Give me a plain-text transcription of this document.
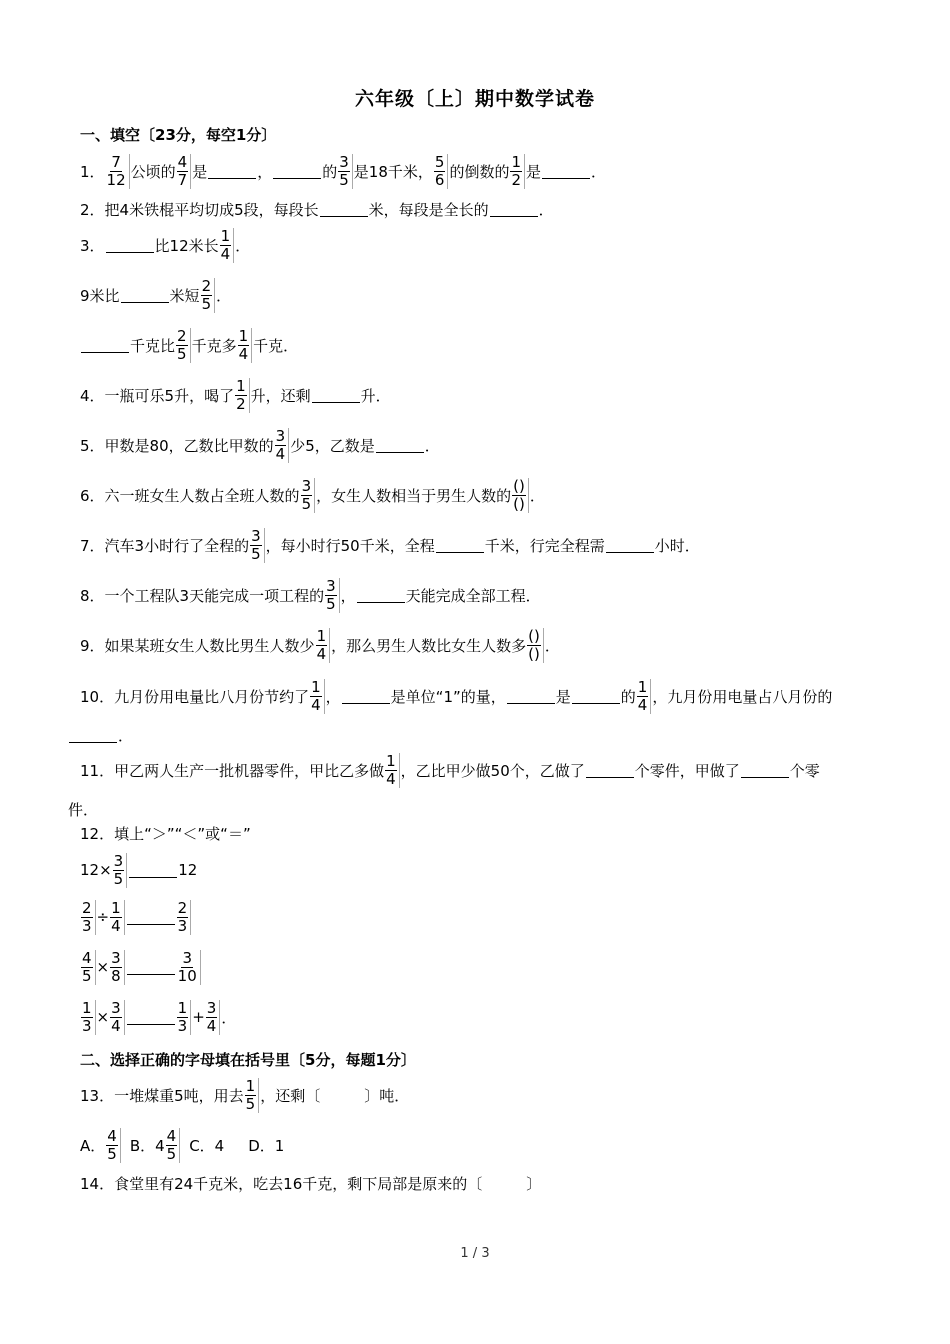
六年级〔上〕期中数学试卷
一、填空〔23分，每空1分〕
1． $\frac{7}{12}$ 公顷的 $\frac{4}{7}$ 是	，	的 $\frac{3}{5}$ 是18千米， $\frac{5}{6}$ 的倒数的 $\frac{1}{2}$ 是	．
2． 把4米铁棍平均切成5段，每段长	米，每段是全长的	．
3．	比12米长 $\frac{1}{4}$ ．
9米比	米短 $\frac{2}{5}$ ．
千克比 $\frac{2}{5}$ 千克多 $\frac{1}{4}$ 千克．
4． 一瓶可乐5升，喝了 $\frac{1}{2}$ 升，还剩	升．
5． 甲数是80，乙数比甲数的 $\frac{3}{4}$ 少5，乙数是	．
6． 六一班女生人数占全班人数的 $\frac{3}{5}$ ，女生人数相当于男生人数的 $\frac{()}{()}$ ．
7． 汽车3小时行了全程的 $\frac{3}{5}$ ，每小时行50千米，全程	千米，行完全程需	小时．
8． 一个工程队3天能完成一项工程的 $\frac{3}{5}$ ，	天能完成全部工程．
9． 如果某班女生人数比男生人数少 $\frac{1}{4}$ ，那么男生人数比女生人数多 $\frac{()}{()}$ ．
10． 九月份用电量比八月份节约了 $\frac{1}{4}$ ，	是单位“1”的量，	是	的 $\frac{1}{4}$ ，九月份用电量占八月份的
．
11． 甲乙两人生产一批机器零件，甲比乙多做 $\frac{1}{4}$ ，乙比甲少做50个，乙做了	个零件，甲做了	个零
件．
12． 填上“＞”“＜”或“＝”
$12\times \frac{3}{5}$	12
$\frac{2}{3} \div \frac{1}{4}$	$\frac{2}{3}$
$\frac{4}{5} \times \frac{3}{8}$	$\frac{3}{10}$
$\frac{1}{3} \times \frac{3}{4}$	$\frac{1}{3} + \frac{3}{4}$ ．
二、选择正确的字母填在括号里〔5分，每题1分〕
13． 一堆煤重5吨，用去 $\frac{1}{5}$ ，还剩〔	〕吨．
A． $\frac{4}{5}$ B．$4 \frac{4}{5}$ C．4 D．1
14． 食堂里有24千克米，吃去16千克，剩下局部是原来的〔	〕
1 / 3
